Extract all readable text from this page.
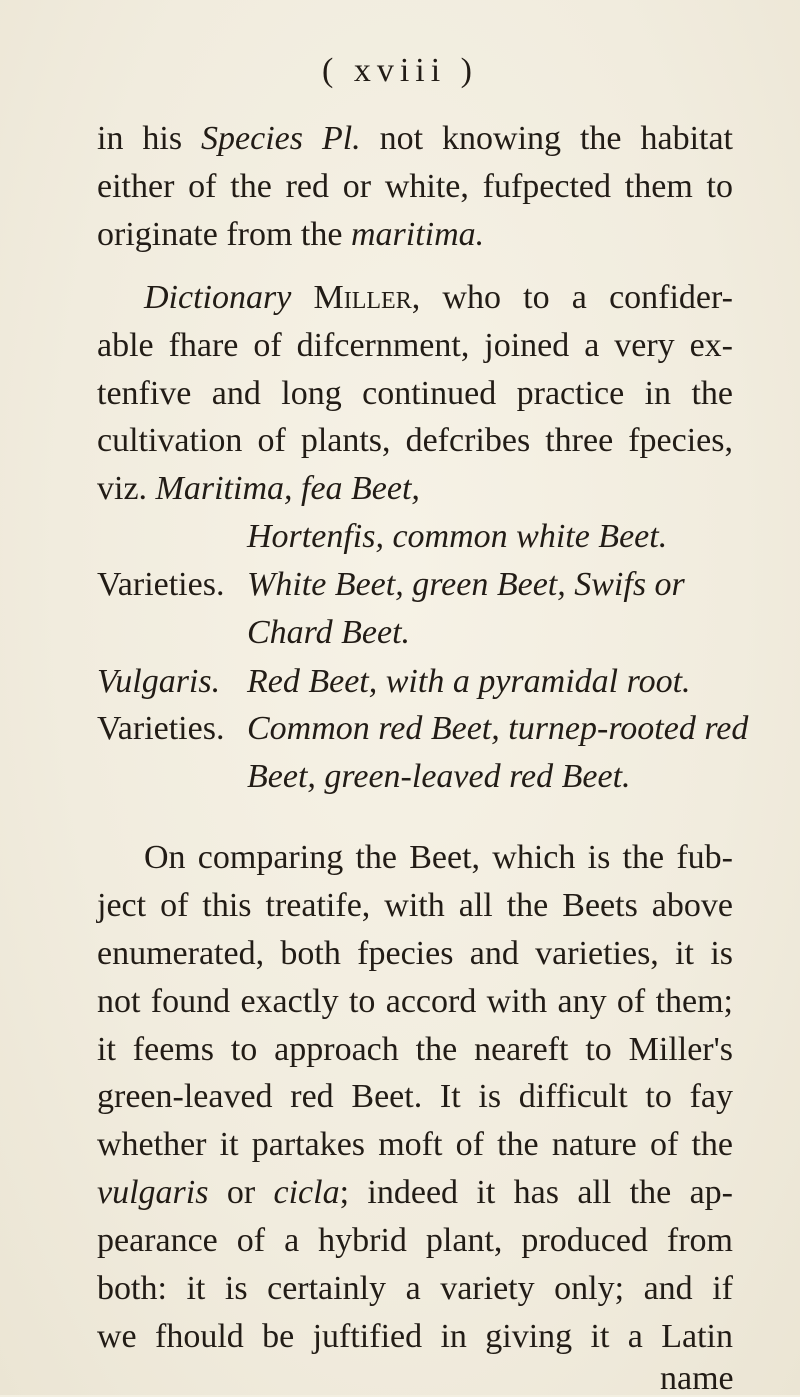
( xviii )
in his Species Pl. not knowing the habitat
either of the red or white, fufpected them to
originate from the maritima.
Dictionary Miller, who to a confider-
able fhare of difcernment, joined a very ex-
tenfive and long continued practice in the
cultivation of plants, defcribes three fpecies,
viz. Maritima, fea Beet,
Hortenfis, common white Beet.
Varieties. White Beet, green Beet, Swifs or
Chard Beet.
Vulgaris. Red Beet, with a pyramidal root.
Varieties. Common red Beet, turnep-rooted red
Beet, green-leaved red Beet.
On comparing the Beet, which is the fub-
ject of this treatife, with all the Beets above
enumerated, both fpecies and varieties, it is
not found exactly to accord with any of them;
it feems to approach the neareft to Miller's
green-leaved red Beet. It is difficult to fay
whether it partakes moft of the nature of the
vulgaris or cicla; indeed it has all the ap-
pearance of a hybrid plant, produced from
both: it is certainly a variety only; and if
we fhould be juftified in giving it a Latin
name
